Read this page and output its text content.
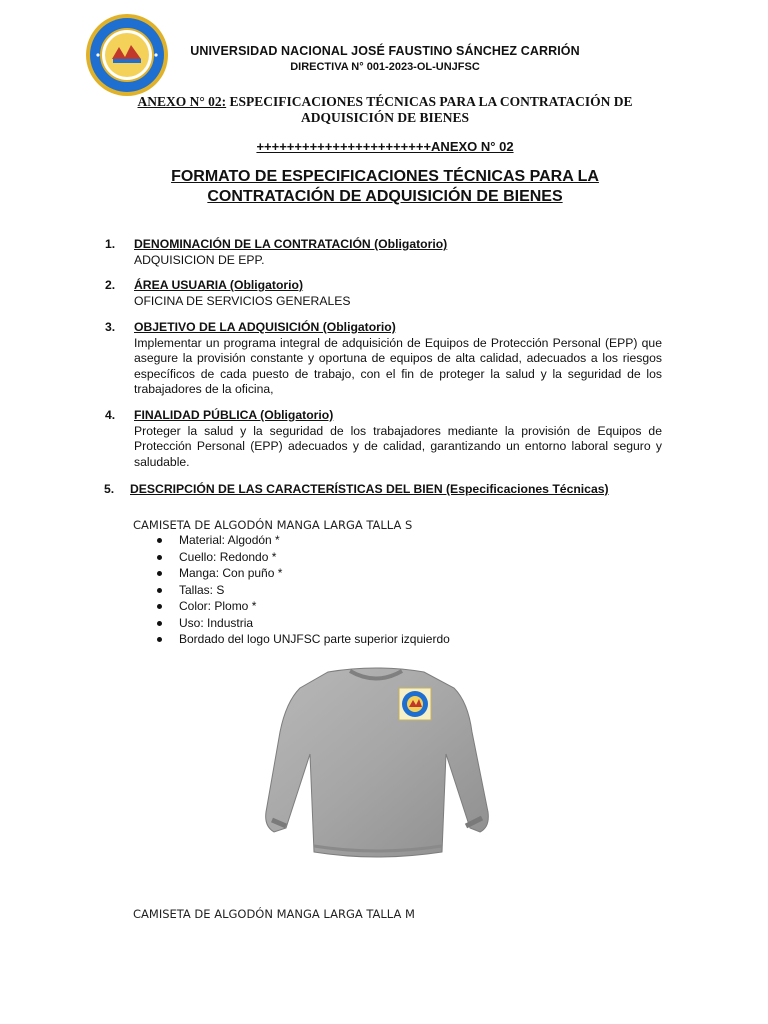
UNIVERSIDAD NACIONAL JOSÉ FAUSTINO SÁNCHEZ CARRIÓN
DIRECTIVA N° 001-2023-OL-UNJFSC
ANEXO N° 02: ESPECIFICACIONES TÉCNICAS PARA LA CONTRATACIÓN DE
ADQUISICIÓN DE BIENES
+++++++++++++++++++++++ANEXO N° 02
FORMATO DE ESPECIFICACIONES TÉCNICAS PARA LA
CONTRATACIÓN DE ADQUISICIÓN DE BIENES
1.	DENOMINACIÓN DE LA CONTRATACIÓN (Obligatorio)
ADQUISICION DE EPP.
2.	ÁREA USUARIA (Obligatorio)
OFICINA DE SERVICIOS GENERALES
3.	OBJETIVO DE LA ADQUISICIÓN (Obligatorio)
Implementar un programa integral de adquisición de Equipos de Protección Personal (EPP) que asegure la provisión constante y oportuna de equipos de alta calidad, adecuados a los riesgos específicos de cada puesto de trabajo, con el fin de proteger la salud y la seguridad de los trabajadores de la oficina,
4.	FINALIDAD PÚBLICA (Obligatorio)
Proteger la salud y la seguridad de los trabajadores mediante la provisión de Equipos de Protección Personal (EPP) adecuados y de calidad, garantizando un entorno laboral seguro y saludable.
5. DESCRIPCIÓN DE LAS CARACTERÍSTICAS DEL BIEN (Especificaciones Técnicas)
CAMISETA DE ALGODÓN MANGA LARGA TALLA S
Material: Algodón *
Cuello: Redondo *
Manga: Con puño *
Tallas: S
Color: Plomo *
Uso: Industria
Bordado del logo UNJFSC parte superior izquierdo
CAMISETA DE ALGODÓN MANGA LARGA TALLA M
